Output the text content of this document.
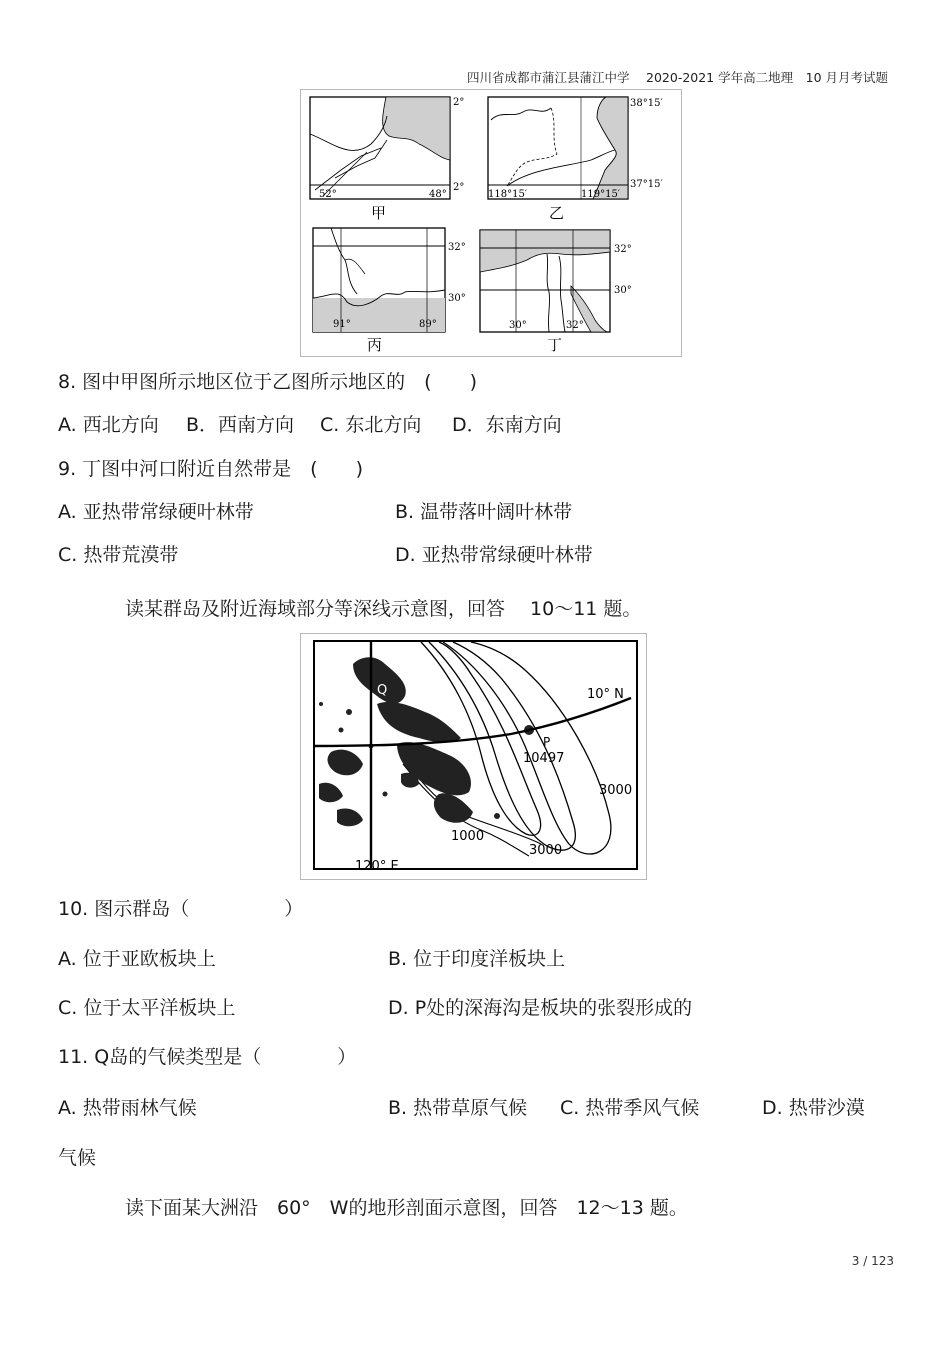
四川省成都市蒲江县蒲江中学　 2020-2021 学年高二地理　10 月月考试题
2°
2°
52°	48°
甲
38°15′
37°15′
118°15′	119°15′
乙
32°
30°
91°	89°
丙
32°
30°
30°	32°
丁
8. 图中甲图所示地区位于乙图所示地区的　(　　)
A. 西北方向 B．西南方向 C. 东北方向 D．东南方向
9. 丁图中河口附近自然带是　(　　)
A. 亚热带常绿硬叶林带	B. 温带落叶阔叶林带
C. 热带荒漠带	D. 亚热带常绿硬叶林带
读某群岛及附近海域部分等深线示意图，回答　 10～11 题。
Q	10° N
P
10497
3000
1000
3000
120° E
10. 图示群岛（　　　　　）
A. 位于亚欧板块上	B. 位于印度洋板块上
C. 位于太平洋板块上	D. P处的深海沟是板块的张裂形成的
11. Q岛的气候类型是（　　　　）
A. 热带雨林气候	B. 热带草原气候 C. 热带季风气候	D. 热带沙漠
气候
读下面某大洲沿　60°　W的地形剖面示意图，回答　12～13 题。
3 / 123
